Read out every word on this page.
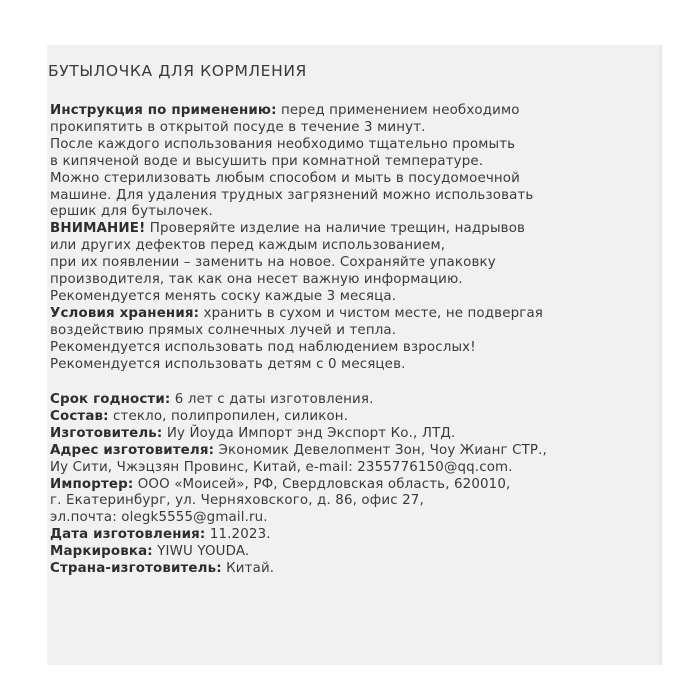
БУТЫЛОЧКА ДЛЯ КОРМЛЕНИЯ
Инструкция по применению: перед применением необходимо
прокипятить в открытой посуде в течение 3 минут.
После каждого использования необходимо тщательно промыть
в кипяченой воде и высушить при комнатной температуре.
Можно стерилизовать любым способом и мыть в посудомоечной
машине. Для удаления трудных загрязнений можно использовать
ершик для бутылочек.
ВНИМАНИЕ! Проверяйте изделие на наличие трещин, надрывов
или других дефектов перед каждым использованием,
при их появлении – заменить на новое. Сохраняйте упаковку
производителя, так как она несет важную информацию.
Рекомендуется менять соску каждые 3 месяца.
Условия хранения: хранить в сухом и чистом месте, не подвергая
воздействию прямых солнечных лучей и тепла.
Рекомендуется использовать под наблюдением взрослых!
Рекомендуется использовать детям с 0 месяцев.
Срок годности: 6 лет с даты изготовления.
Состав: стекло, полипропилен, силикон.
Изготовитель: Иу Йоуда Импорт энд Экспорт Ко., ЛТД.
Адрес изготовителя: Экономик Девелопмент Зон, Чоу Жианг СТР.,
Иу Сити, Чжэцзян Провинс, Китай, e-mail: 2355776150@qq.com.
Импортер: ООО «Моисей», РФ, Свердловская область, 620010,
г. Екатеринбург, ул. Черняховского, д. 86, офис 27,
эл.почта: olegk5555@gmail.ru.
Дата изготовления: 11.2023.
Маркировка: YIWU YOUDA.
Страна-изготовитель: Китай.
